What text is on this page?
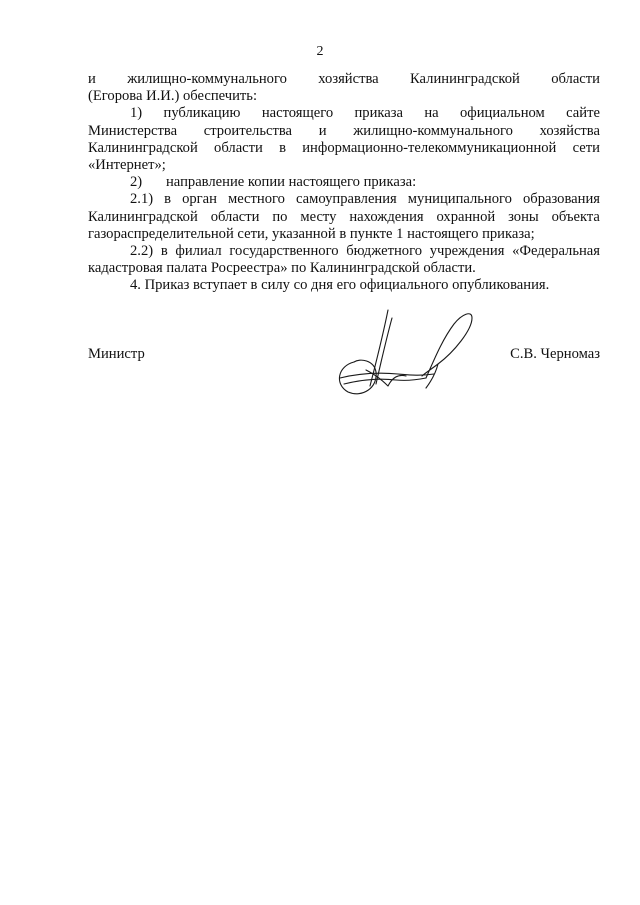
2
и жилищно-коммунального хозяйства Калининградской области
(Егорова И.И.) обеспечить:
1) публикацию настоящего приказа на официальном сайте
Министерства строительства и жилищно-коммунального хозяйства
Калининградской области в информационно-телекоммуникационной сети
«Интернет»;
2) направление копии настоящего приказа:
2.1) в орган местного самоуправления муниципального образования
Калининградской области по месту нахождения охранной зоны объекта
газораспределительной сети, указанной в пункте 1 настоящего приказа;
2.2) в филиал государственного бюджетного учреждения «Федеральная
кадастровая палата Росреестра» по Калининградской области.
4. Приказ вступает в силу со дня его официального опубликования.
Министр	С.В. Черномаз
